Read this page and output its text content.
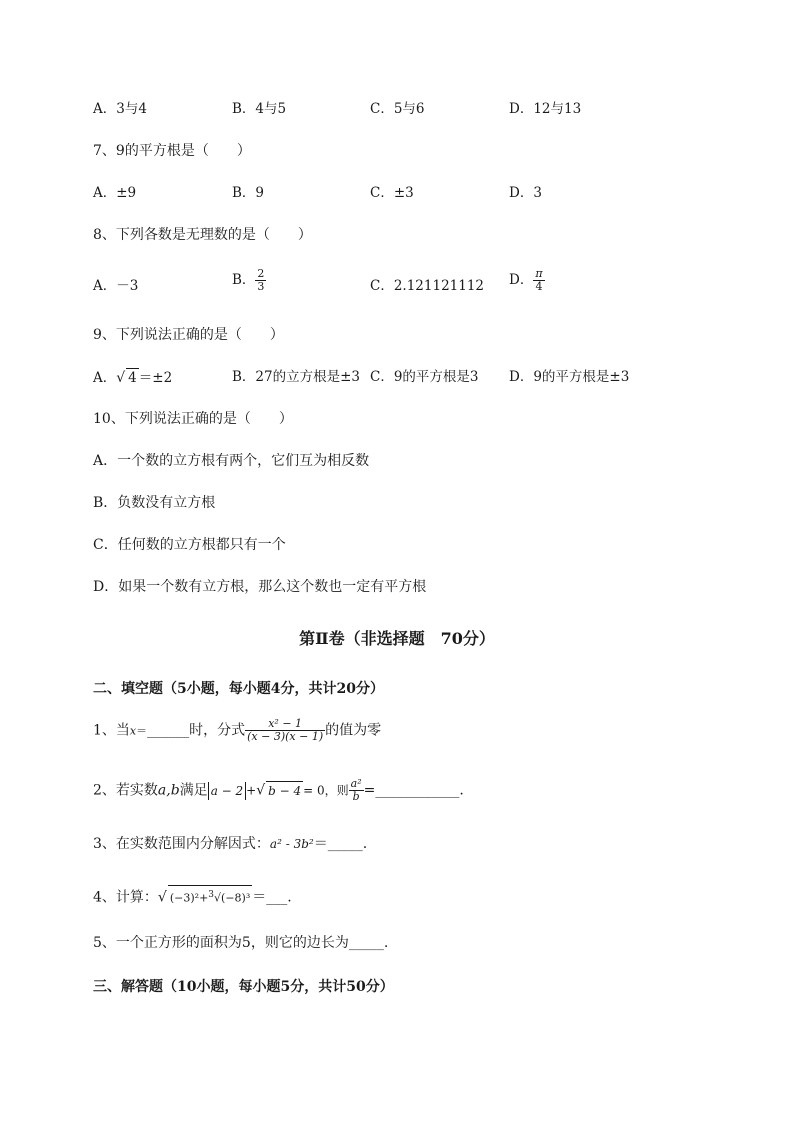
A．3与4	B．4与5	C．5与6	D．12与13
7、9的平方根是（　　）
A．±9	B．9	C．±3	D．3
8、下列各数是无理数的是（　　）
A．－3	B． $\frac{2}{3}$	C．2.121121112 D． $\frac{\pi}{4}$
9、下列说法正确的是（　　）
A．√ 4 ＝±2	B．27的立方根是±3 C．9的平方根是3 D．9的平方根是±3
10、下列说法正确的是（　　）
A．一个数的立方根有两个，它们互为相反数
B．负数没有立方根
C．任何数的立方根都只有一个
D．如果一个数有立方根，那么这个数也一定有平方根
第Ⅱ卷（非选择题　70分）
二、填空题（5小题，每小题4分，共计20分）
1、当x＝______时，分式 $\frac{\text{x² − 1}}{(x - 3)(x - 1)}$ 的值为零
2、若实数a,b满足 a − 2 +√ b − 4 = 0，则 $\frac{\text{a²}}{b}$ =____________.
3、在实数范围内分解因式：a² - 3b²＝_____.
4、计算：√ (−3)²+$^3$√(−8)³ ＝___.
5、一个正方形的面积为5，则它的边长为_____.
三、解答题（10小题，每小题5分，共计50分）
